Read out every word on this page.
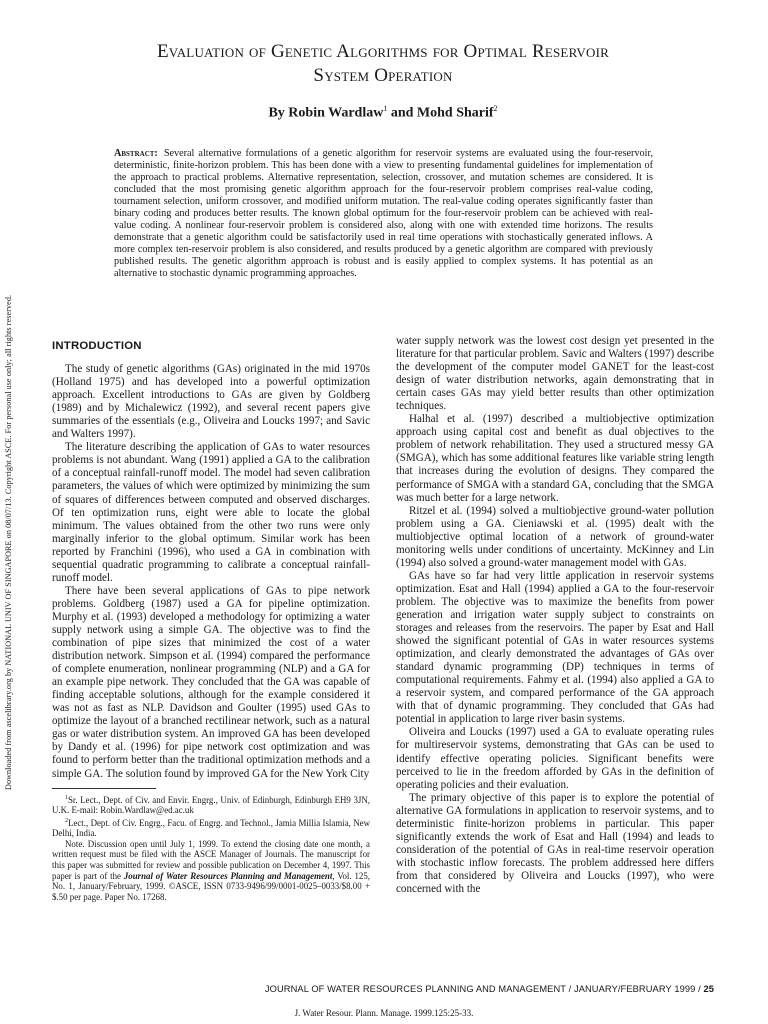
Downloaded from ascelibrary.org by NATIONAL UNIV OF SINGAPORE on 08/07/13. Copyright ASCE. For personal use only; all rights reserved.
Evaluation of Genetic Algorithms for Optimal Reservoir
System Operation
By Robin Wardlaw$^1$ and Mohd Sharif$^2$
Abstract: Several alternative formulations of a genetic algorithm for reservoir systems are evaluated using the four-reservoir, deterministic, finite-horizon problem. This has been done with a view to presenting fundamental guidelines for implementation of the approach to practical problems. Alternative representation, selection, crossover, and mutation schemes are considered. It is concluded that the most promising genetic algorithm approach for the four-reservoir problem comprises real-value coding, tournament selection, uniform crossover, and modified uniform mutation. The real-value coding operates significantly faster than binary coding and produces better results. The known global optimum for the four-reservoir problem can be achieved with real-value coding. A nonlinear four-reservoir problem is considered also, along with one with extended time horizons. The results demonstrate that a genetic algorithm could be satisfactorily used in real time operations with stochastically generated inflows. A more complex ten-reservoir problem is also considered, and results produced by a genetic algorithm are compared with previously published results. The genetic algorithm approach is robust and is easily applied to complex systems. It has potential as an alternative to stochastic dynamic programming approaches.
INTRODUCTION

The study of genetic algorithms (GAs) originated in the mid 1970s (Holland 1975) and has developed into a powerful optimization approach. Excellent introductions to GAs are given by Goldberg (1989) and by Michalewicz (1992), and several recent papers give summaries of the essentials (e.g., Oliveira and Loucks 1997; and Savic and Walters 1997).

The literature describing the application of GAs to water resources problems is not abundant. Wang (1991) applied a GA to the calibration of a conceptual rainfall-runoff model. The model had seven calibration parameters, the values of which were optimized by minimizing the sum of squares of differences between computed and observed discharges. Of ten optimization runs, eight were able to locate the global minimum. The values obtained from the other two runs were only marginally inferior to the global optimum. Similar work has been reported by Franchini (1996), who used a GA in combination with sequential quadratic programming to calibrate a conceptual rainfall-runoff model.

There have been several applications of GAs to pipe network problems. Goldberg (1987) used a GA for pipeline optimization. Murphy et al. (1993) developed a methodology for optimizing a water supply network using a simple GA. The objective was to find the combination of pipe sizes that minimized the cost of a water distribution network. Simpson et al. (1994) compared the performance of complete enumeration, nonlinear programming (NLP) and a GA for an example pipe network. They concluded that the GA was capable of finding acceptable solutions, although for the example considered it was not as fast as NLP. Davidson and Goulter (1995) used GAs to optimize the layout of a branched rectilinear network, such as a natural gas or water distribution system. An improved GA has been developed by Dandy et al. (1996) for pipe network cost optimization and was found to perform better than the traditional optimization methods and a simple GA. The solution found by improved GA for the New York City

$^1$Sr. Lect., Dept. of Civ. and Envir. Engrg., Univ. of Edinburgh, Edinburgh EH9 3JN, U.K. E-mail: Robin.Wardlaw@ed.ac.uk

$^2$Lect., Dept. of Civ. Engrg., Facu. of Engrg. and Technol., Jamia Millia Islamia, New Delhi, India.

Note. Discussion open until July 1, 1999. To extend the closing date one month, a written request must be filed with the ASCE Manager of Journals. The manuscript for this paper was submitted for review and possible publication on December 4, 1997. This paper is part of the Journal of Water Resources Planning and Management, Vol. 125, No. 1, January/February, 1999. ©ASCE, ISSN 0733-9496/99/0001-0025–0033/$8.00 + $.50 per page. Paper No. 17268.

water supply network was the lowest cost design yet presented in the literature for that particular problem. Savic and Walters (1997) describe the development of the computer model GANET for the least-cost design of water distribution networks, again demonstrating that in certain cases GAs may yield better results than other optimization techniques.

Halhal et al. (1997) described a multiobjective optimization approach using capital cost and benefit as dual objectives to the problem of network rehabilitation. They used a structured messy GA (SMGA), which has some additional features like variable string length that increases during the evolution of designs. They compared the performance of SMGA with a standard GA, concluding that the SMGA was much better for a large network.

Ritzel et al. (1994) solved a multiobjective ground-water pollution problem using a GA. Cieniawski et al. (1995) dealt with the multiobjective optimal location of a network of ground-water monitoring wells under conditions of uncertainty. McKinney and Lin (1994) also solved a ground-water management model with GAs.

GAs have so far had very little application in reservoir systems optimization. Esat and Hall (1994) applied a GA to the four-reservoir problem. The objective was to maximize the benefits from power generation and irrigation water supply subject to constraints on storages and releases from the reservoirs. The paper by Esat and Hall showed the significant potential of GAs in water resources systems optimization, and clearly demonstrated the advantages of GAs over standard dynamic programming (DP) techniques in terms of computational requirements. Fahmy et al. (1994) also applied a GA to a reservoir system, and compared performance of the GA approach with that of dynamic programming. They concluded that GAs had potential in application to large river basin systems.

Oliveira and Loucks (1997) used a GA to evaluate operating rules for multireservoir systems, demonstrating that GAs can be used to identify effective operating policies. Significant benefits were perceived to lie in the freedom afforded by GAs in the definition of operating policies and their evaluation.

The primary objective of this paper is to explore the potential of alternative GA formulations in application to reservoir systems, and to deterministic finite-horizon problems in particular. This paper significantly extends the work of Esat and Hall (1994) and leads to consideration of the potential of GAs in real-time reservoir operation with stochastic inflow forecasts. The problem addressed here differs from that considered by Oliveira and Loucks (1997), who were concerned with the

JOURNAL OF WATER RESOURCES PLANNING AND MANAGEMENT / JANUARY/FEBRUARY 1999 / 25
J. Water Resour. Plann. Manage. 1999.125:25-33.
